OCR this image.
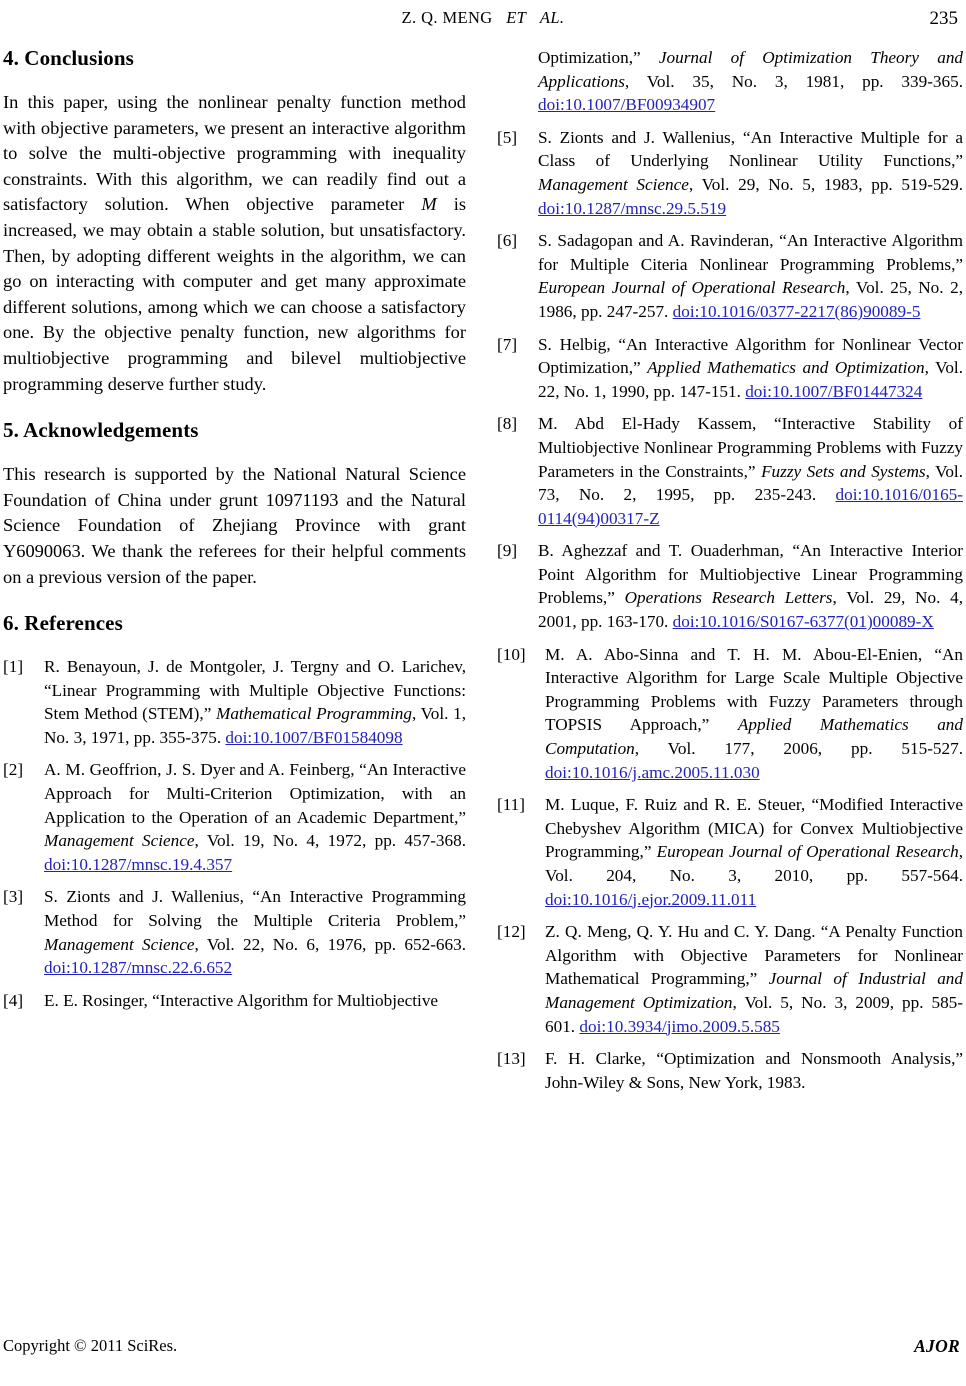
Z. Q. MENG ET AL.	235
4. Conclusions

In this paper, using the nonlinear penalty function method with objective parameters, we present an interactive algorithm to solve the multi-objective programming with inequality constraints. With this algorithm, we can readily find out a satisfactory solution. When objective parameter M is increased, we may obtain a stable solution, but unsatisfactory. Then, by adopting different weights in the algorithm, we can go on interacting with computer and get many approximate different solutions, among which we can choose a satisfactory one. By the objective penalty function, new algorithms for multiobjective programming and bilevel multiobjective programming deserve further study.

5. Acknowledgements

This research is supported by the National Natural Science Foundation of China under grunt 10971193 and the Natural Science Foundation of Zhejiang Province with grant Y6090063. We thank the referees for their helpful comments on a previous version of the paper.

6. References
[1]	R. Benayoun, J. de Montgoler, J. Tergny and O. Larichev, “Linear Programming with Multiple Objective Functions: Stem Method (STEM),” Mathematical Programming, Vol. 1, No. 3, 1971, pp. 355-375. doi:10.1007/BF01584098
[2]	A. M. Geoffrion, J. S. Dyer and A. Feinberg, “An Interactive Approach for Multi-Criterion Optimization, with an Application to the Operation of an Academic Department,” Management Science, Vol. 19, No. 4, 1972, pp. 457-368. doi:10.1287/mnsc.19.4.357
[3]	S. Zionts and J. Wallenius, “An Interactive Programming Method for Solving the Multiple Criteria Problem,” Management Science, Vol. 22, No. 6, 1976, pp. 652-663. doi:10.1287/mnsc.22.6.652
[4]	E. E. Rosinger, “Interactive Algorithm for Multiobjective
Optimization,” Journal of Optimization Theory and Applications, Vol. 35, No. 3, 1981, pp. 339-365. doi:10.1007/BF00934907
[5]	S. Zionts and J. Wallenius, “An Interactive Multiple for a Class of Underlying Nonlinear Utility Functions,” Management Science, Vol. 29, No. 5, 1983, pp. 519-529. doi:10.1287/mnsc.29.5.519
[6]	S. Sadagopan and A. Ravinderan, “An Interactive Algorithm for Multiple Citeria Nonlinear Programming Problems,” European Journal of Operational Research, Vol. 25, No. 2, 1986, pp. 247-257. doi:10.1016/0377-2217(86)90089-5
[7]	S. Helbig, “An Interactive Algorithm for Nonlinear Vector Optimization,” Applied Mathematics and Optimization, Vol. 22, No. 1, 1990, pp. 147-151. doi:10.1007/BF01447324
[8]	M. Abd El-Hady Kassem, “Interactive Stability of Multiobjective Nonlinear Programming Problems with Fuzzy Parameters in the Constraints,” Fuzzy Sets and Systems, Vol. 73, No. 2, 1995, pp. 235-243. doi:10.1016/0165-0114(94)00317-Z
[9]	B. Aghezzaf and T. Ouaderhman, “An Interactive Interior Point Algorithm for Multiobjective Linear Programming Problems,” Operations Research Letters, Vol. 29, No. 4, 2001, pp. 163-170. doi:10.1016/S0167-6377(01)00089-X
[10]	M. A. Abo-Sinna and T. H. M. Abou-El-Enien, “An Interactive Algorithm for Large Scale Multiple Objective Programming Problems with Fuzzy Parameters through TOPSIS Approach,” Applied Mathematics and Computation, Vol. 177, 2006, pp. 515-527. doi:10.1016/j.amc.2005.11.030
[11]	M. Luque, F. Ruiz and R. E. Steuer, “Modified Interactive Chebyshev Algorithm (MICA) for Convex Multiobjective Programming,” European Journal of Operational Research, Vol. 204, No. 3, 2010, pp. 557-564. doi:10.1016/j.ejor.2009.11.011
[12]	Z. Q. Meng, Q. Y. Hu and C. Y. Dang. “A Penalty Function Algorithm with Objective Parameters for Nonlinear Mathematical Programming,” Journal of Industrial and Management Optimization, Vol. 5, No. 3, 2009, pp. 585-601. doi:10.3934/jimo.2009.5.585
[13]	F. H. Clarke, “Optimization and Nonsmooth Analysis,” John-Wiley & Sons, New York, 1983.
Copyright © 2011 SciRes.	AJOR
